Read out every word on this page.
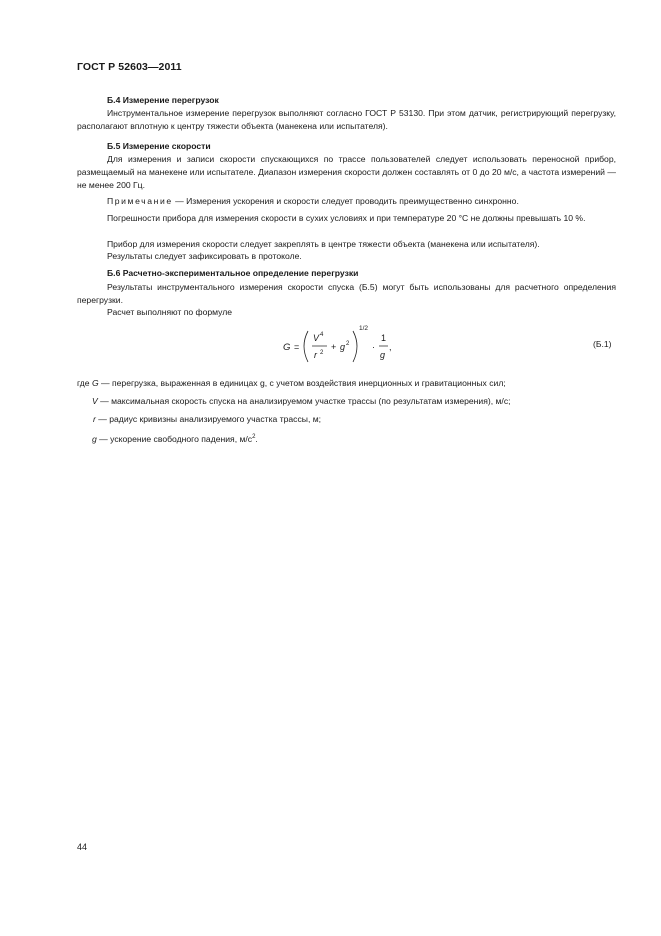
ГОСТ Р 52603—2011
Б.4 Измерение перегрузок

Инструментальное измерение перегрузок выполняют согласно ГОСТ Р 53130. При этом датчик, регистрирующий перегрузку, располагают вплотную к центру тяжести объекта (манекена или испытателя).

Б.5 Измерение скорости

Для измерения и записи скорости спускающихся по трассе пользователей следует использовать переносной прибор, размещаемый на манекене или испытателе. Диапазон измерения скорости должен составлять от 0 до 20 м/с, а частота измерений — не менее 200 Гц.

Примечание — Измерения ускорения и скорости следует проводить преимущественно синхронно.

Погрешности прибора для измерения скорости в сухих условиях и при температуре 20 °С не должны превышать 10 %.

Прибор для измерения скорости следует закреплять в центре тяжести объекта (манекена или испытателя).

Результаты следует зафиксировать в протоколе.

Б.6 Расчетно-экспериментальное определение перегрузки

Результаты инструментального измерения скорости спуска (Б.5) могут быть использованы для расчетного определения перегрузки.

Расчет выполняют по формуле

G =
V 4
r 2
+ g 2
1/2
·
1
g
,	(Б.1)
где G — перегрузка, выраженная в единицах g, с учетом воздействия инерционных и гравитационных сил;
V — максимальная скорость спуска на анализируемом участке трассы (по результатам измерения), м/с;
r — радиус кривизны анализируемого участка трассы, м;
g — ускорение свободного падения, $м/с^2$.
44
